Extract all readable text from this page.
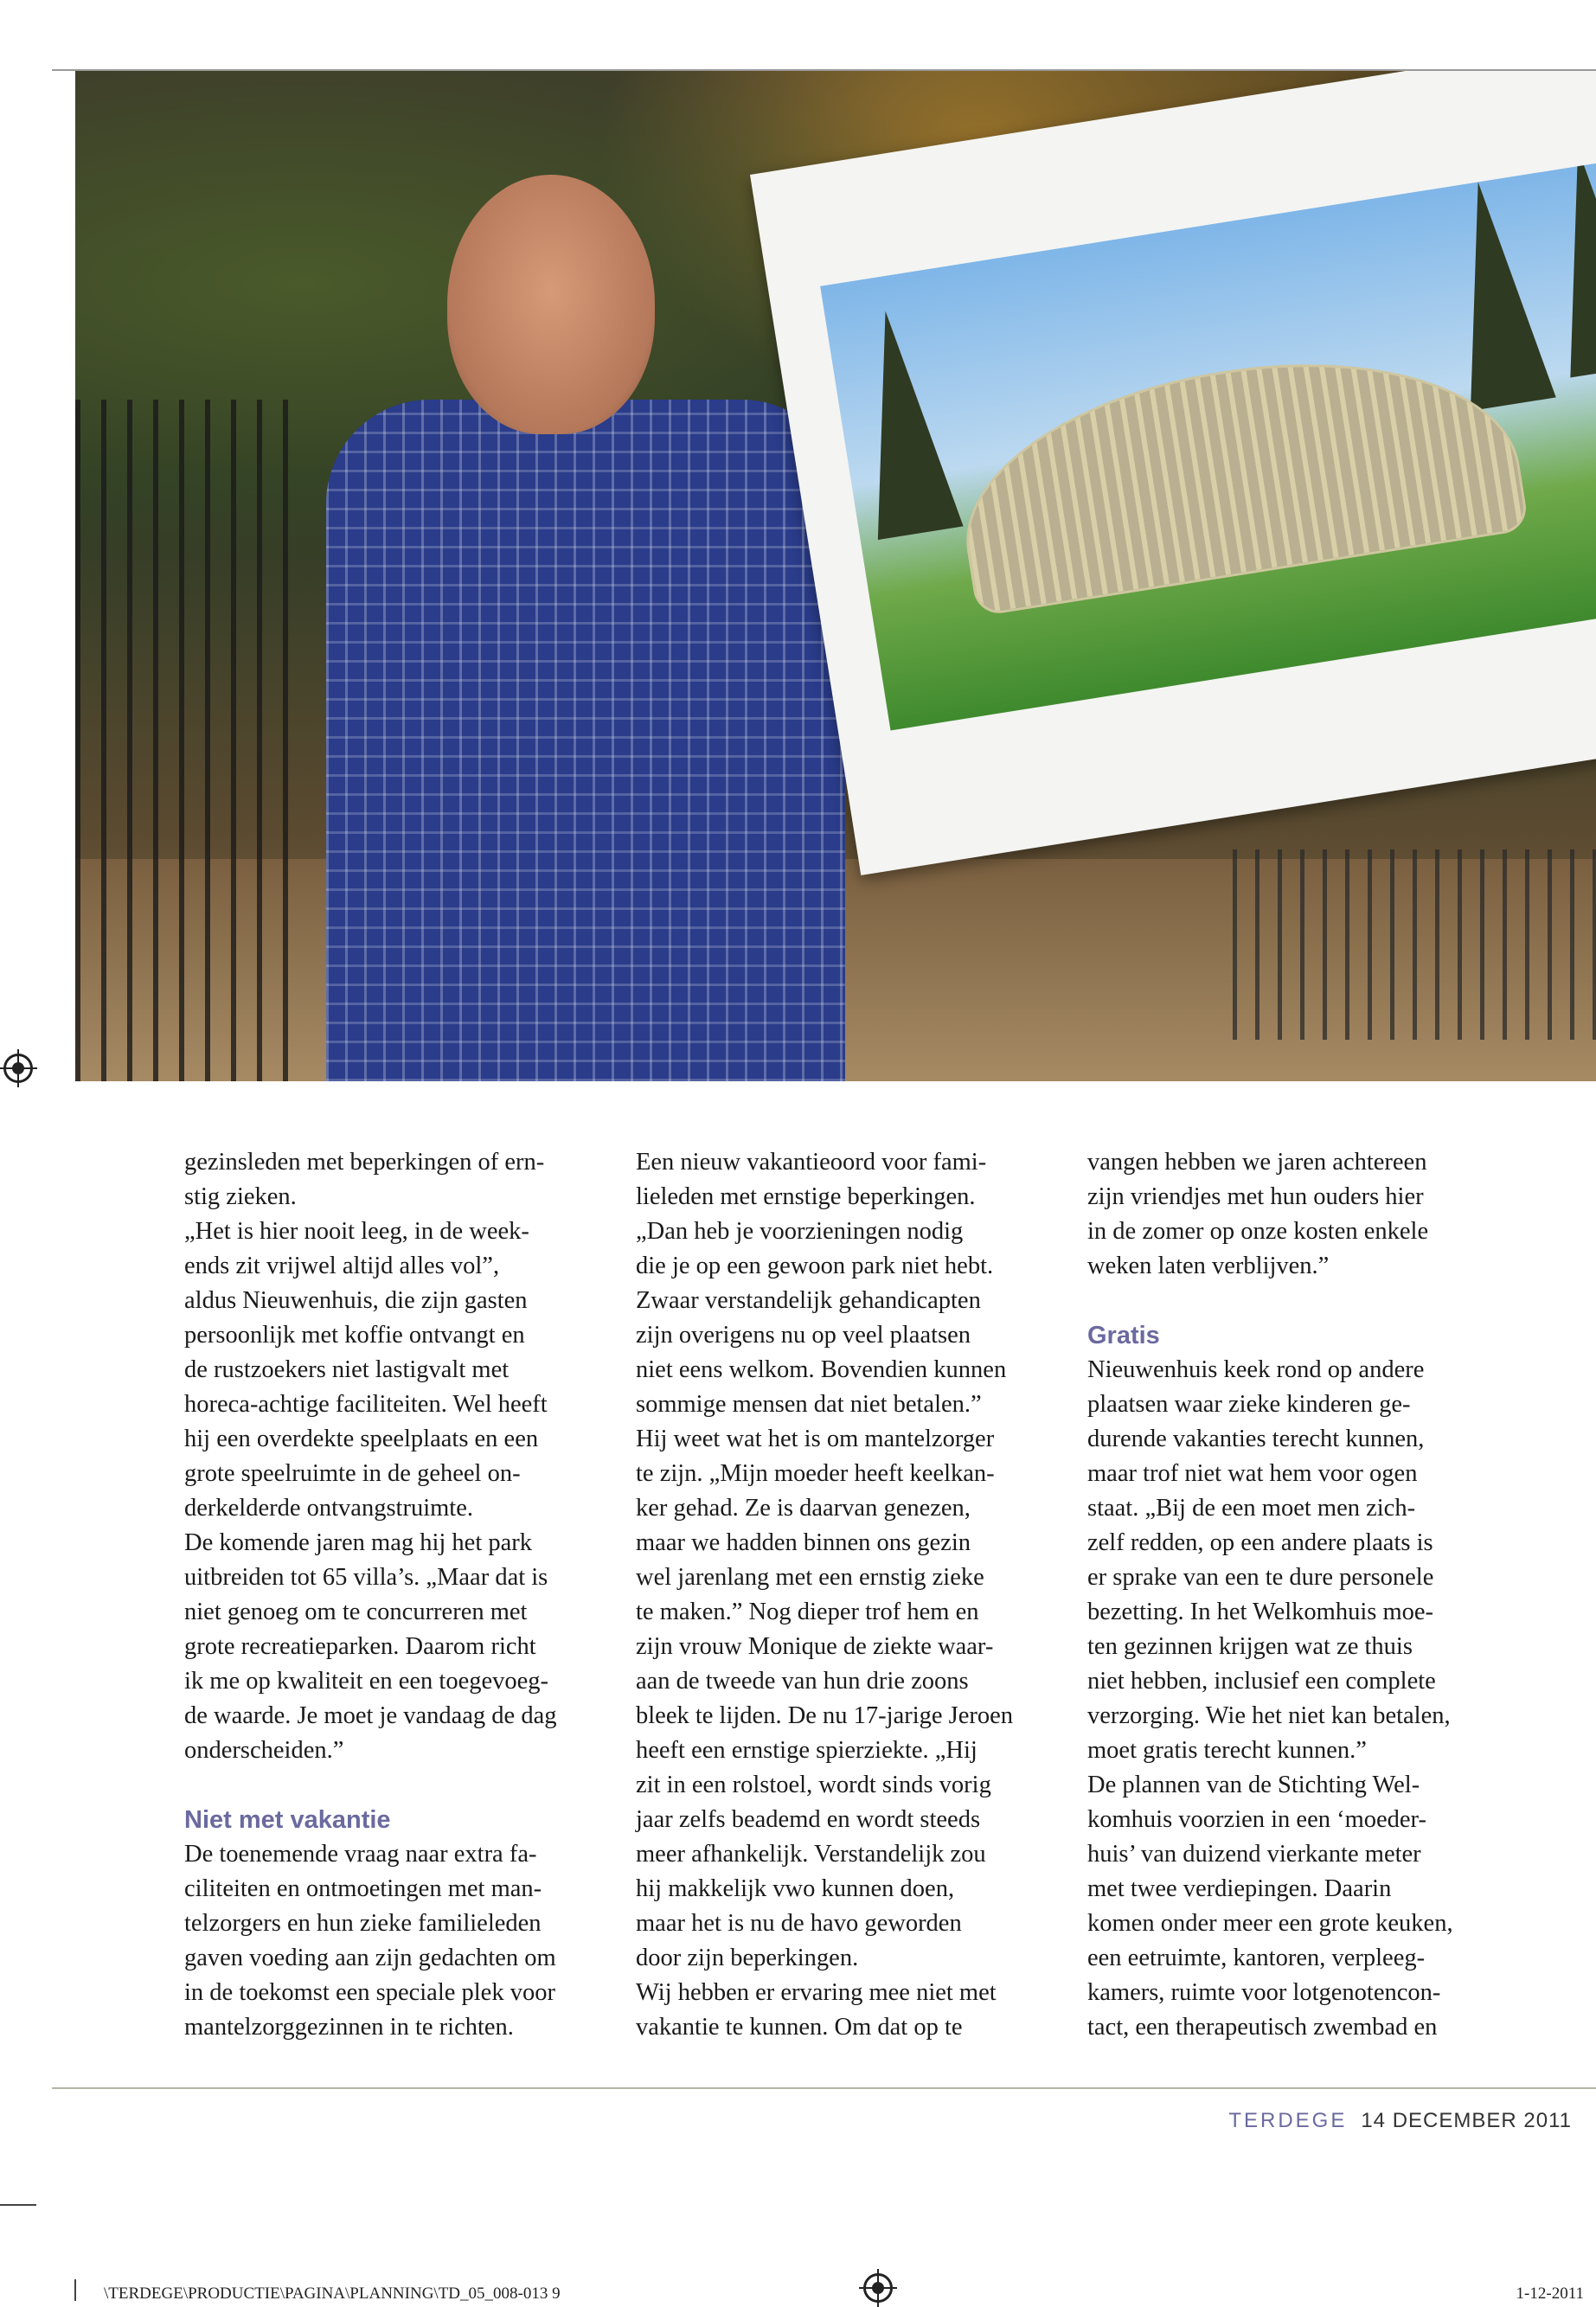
gezinsleden met beperkingen of ern-

stig zieken.

„Het is hier nooit leeg, in de week-

ends zit vrijwel altijd alles vol”,

aldus Nieuwenhuis, die zijn gasten

persoonlijk met koffie ontvangt en

de rustzoekers niet lastigvalt met

horeca-achtige faciliteiten. Wel heeft

hij een overdekte speelplaats en een

grote speelruimte in de geheel on-

derkelderde ontvangstruimte.

De komende jaren mag hij het park

uitbreiden tot 65 villa’s. „Maar dat is

niet genoeg om te concurreren met

grote recreatieparken. Daarom richt

ik me op kwaliteit en een toegevoeg-

de waarde. Je moet je vandaag de dag

onderscheiden.”

Niet met vakantie

De toenemende vraag naar extra fa-

ciliteiten en ontmoetingen met man-

telzorgers en hun zieke familieleden

gaven voeding aan zijn gedachten om

in de toekomst een speciale plek voor

mantelzorggezinnen in te richten.

Een nieuw vakantieoord voor fami-

lieleden met ernstige beperkingen.

„Dan heb je voorzieningen nodig

die je op een gewoon park niet hebt.

Zwaar verstandelijk gehandicapten

zijn overigens nu op veel plaatsen

niet eens welkom. Bovendien kunnen

sommige mensen dat niet betalen.”

Hij weet wat het is om mantelzorger

te zijn. „Mijn moeder heeft keelkan-

ker gehad. Ze is daarvan genezen,

maar we hadden binnen ons gezin

wel jarenlang met een ernstig zieke

te maken.” Nog dieper trof hem en

zijn vrouw Monique de ziekte waar-

aan de tweede van hun drie zoons

bleek te lijden. De nu 17-jarige Jeroen

heeft een ernstige spierziekte. „Hij

zit in een rolstoel, wordt sinds vorig

jaar zelfs beademd en wordt steeds

meer afhankelijk. Verstandelijk zou

hij makkelijk vwo kunnen doen,

maar het is nu de havo geworden

door zijn beperkingen.

Wij hebben er ervaring mee niet met

vakantie te kunnen. Om dat op te

vangen hebben we jaren achtereen

zijn vriendjes met hun ouders hier

in de zomer op onze kosten enkele

weken laten verblijven.”

Gratis

Nieuwenhuis keek rond op andere

plaatsen waar zieke kinderen ge-

durende vakanties terecht kunnen,

maar trof niet wat hem voor ogen

staat. „Bij de een moet men zich-

zelf redden, op een andere plaats is

er sprake van een te dure personele

bezetting. In het Welkomhuis moe-

ten gezinnen krijgen wat ze thuis

niet hebben, inclusief een complete

verzorging. Wie het niet kan betalen,

moet gratis terecht kunnen.”

De plannen van de Stichting Wel-

komhuis voorzien in een ‘moeder-

huis’ van duizend vierkante meter

met twee verdiepingen. Daarin

komen onder meer een grote keuken,

een eetruimte, kantoren, verpleeg-

kamers, ruimte voor lotgenotencon-

tact, een therapeutisch zwembad en

TERDEGE 14 DECEMBER 2011
\TERDEGE\PRODUCTIE\PAGINA\PLANNING\TD_05_008-013 9	1-12-2011
